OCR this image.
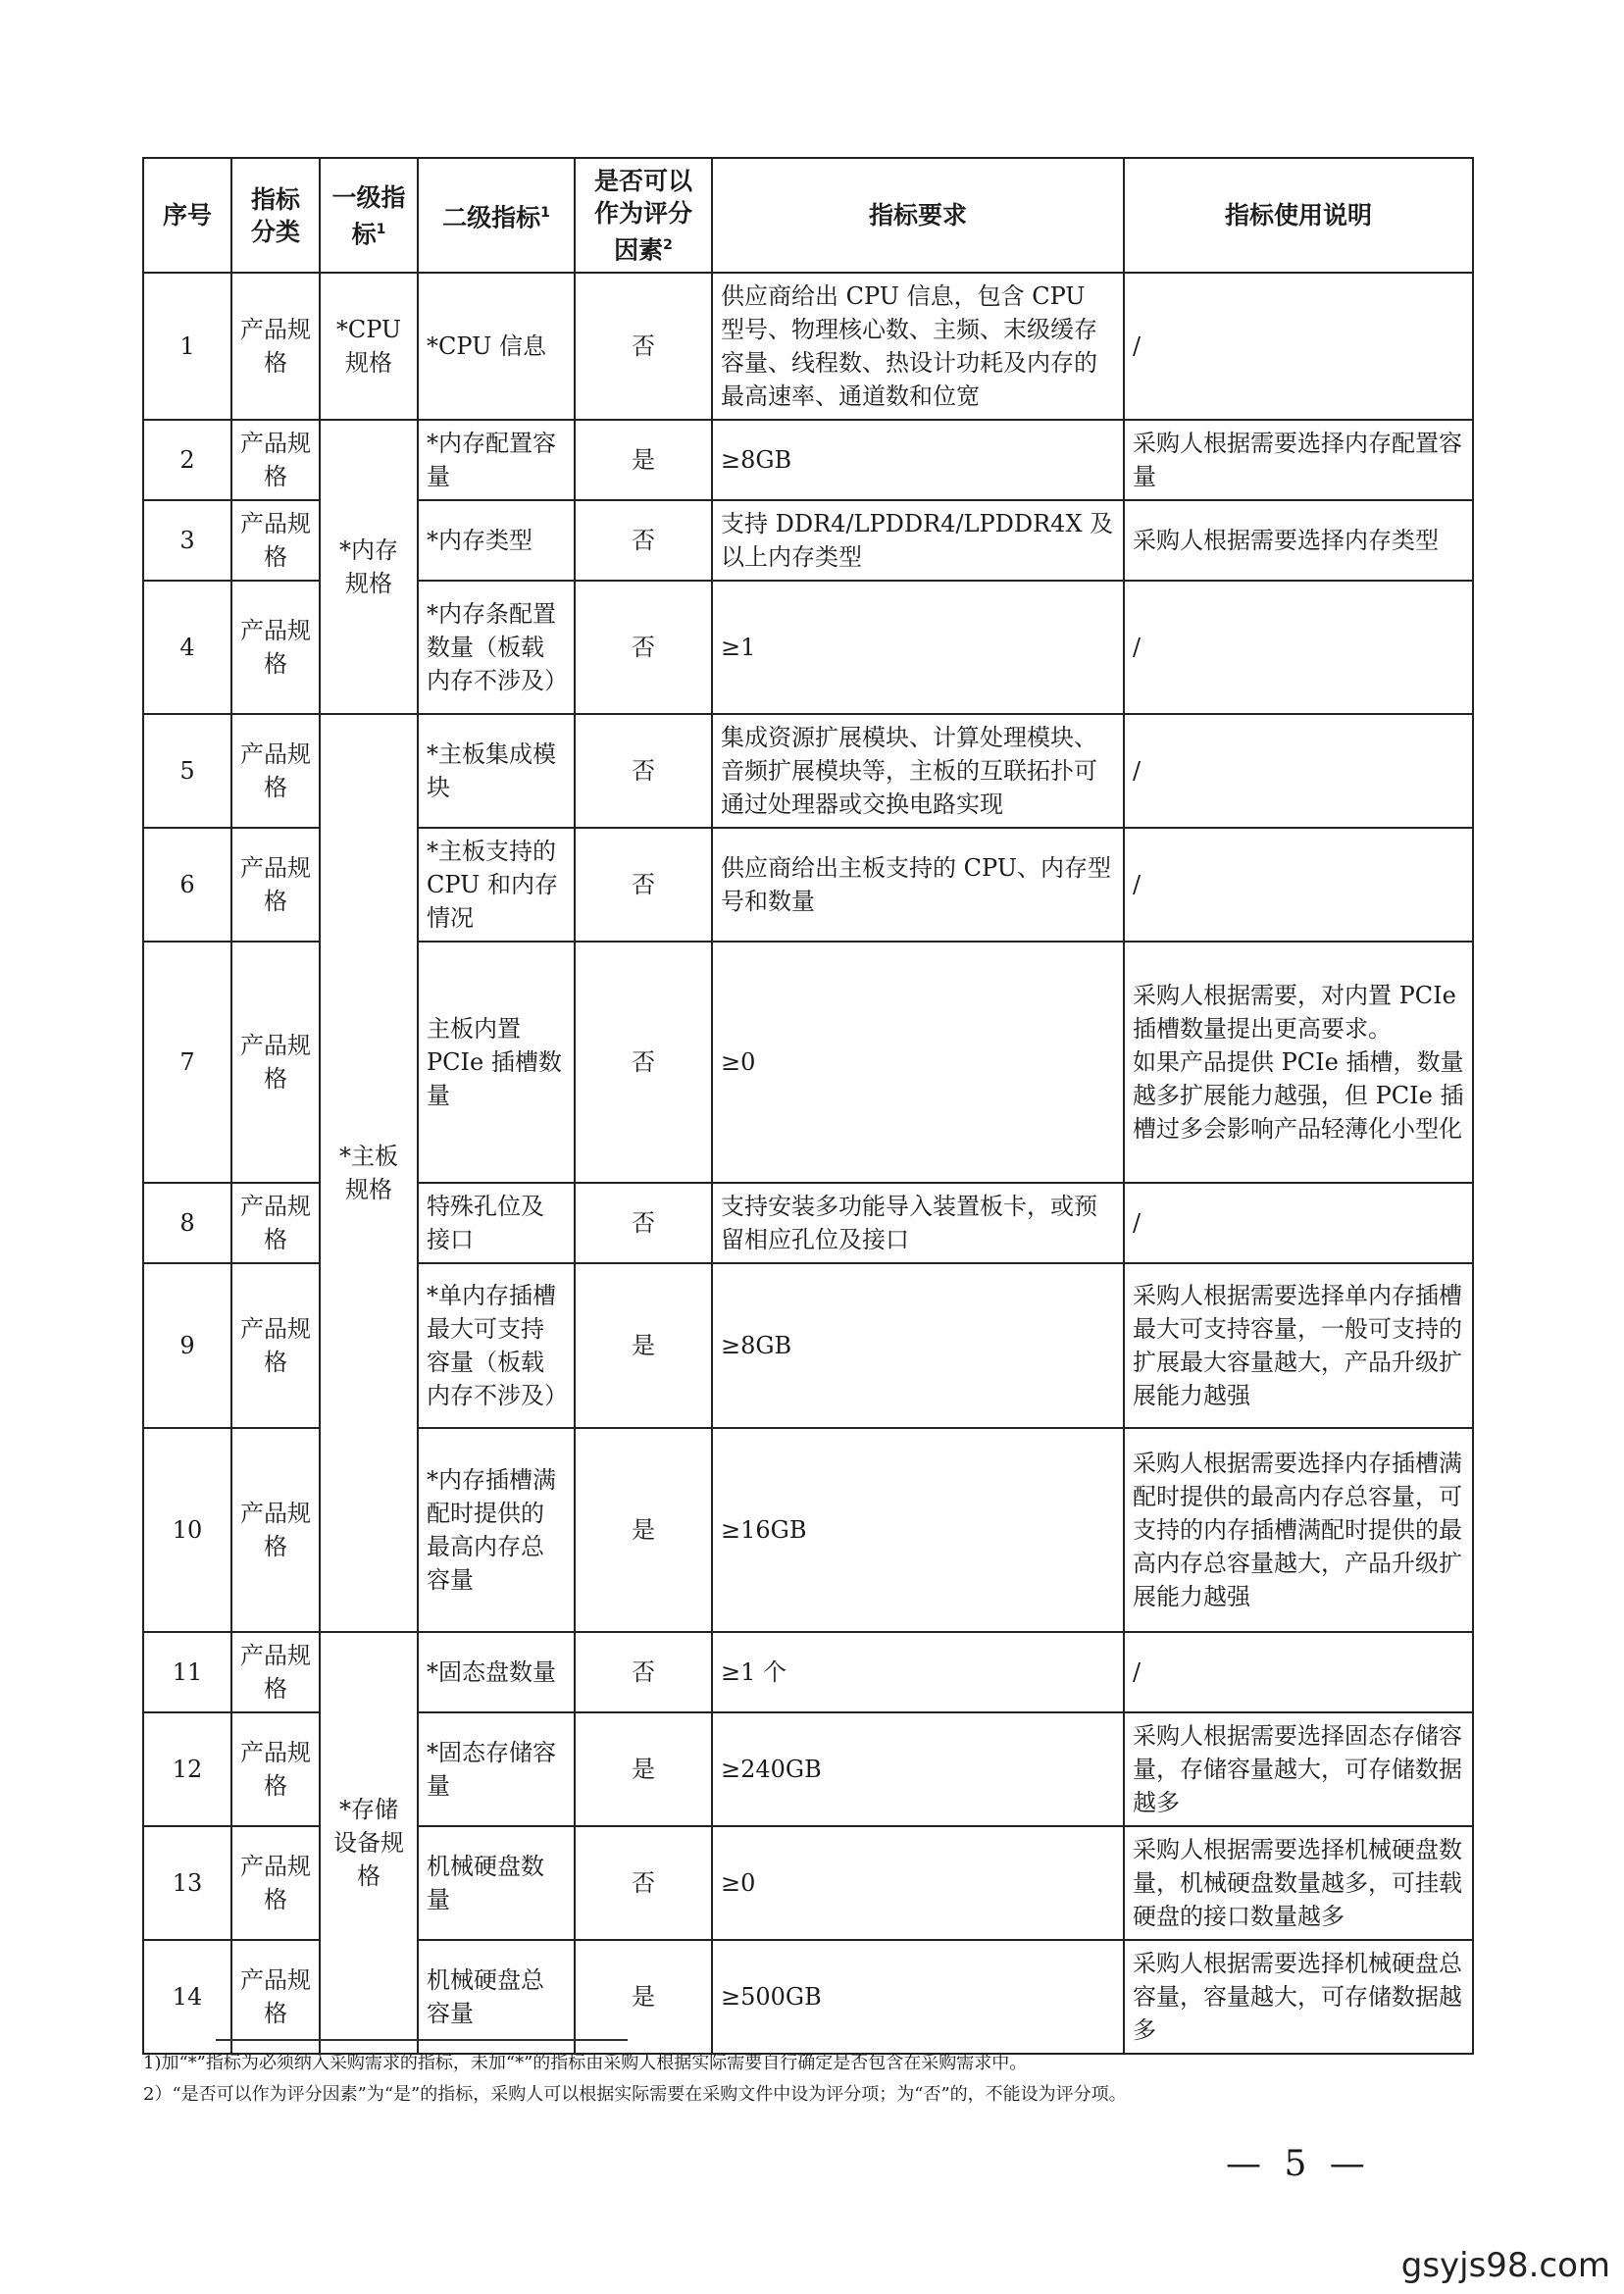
序号	指标分类	一级指标$^1$	二级指标$^1$	是否可以作为评分因素$^2$	指标要求	指标使用说明
1	产品规格	*CPU规格	*CPU 信息	否	供应商给出 CPU 信息，包含 CPU 型号、物理核心数、主频、末级缓存容量、线程数、热设计功耗及内存的最高速率、通道数和位宽	/
2	产品规格	*内存规格	*内存配置容量	是	≥8GB	采购人根据需要选择内存配置容量
3	产品规格		*内存类型	否	支持 DDR4/LPDDR4/LPDDR4X 及以上内存类型	采购人根据需要选择内存类型
4	产品规格		*内存条配置数量（板载内存不涉及）	否	≥1	/
5	产品规格	*主板规格	*主板集成模块	否	集成资源扩展模块、计算处理模块、音频扩展模块等，主板的互联拓扑可通过处理器或交换电路实现	/
6	产品规格		*主板支持的 CPU 和内存情况	否	供应商给出主板支持的 CPU、内存型号和数量	/
7	产品规格		主板内置 PCIe 插槽数量	否	≥0	采购人根据需要，对内置 PCIe 插槽数量提出更高要求。
如果产品提供 PCIe 插槽，数量越多扩展能力越强，但 PCIe 插槽过多会影响产品轻薄化小型化
8	产品规格		特殊孔位及接口	否	支持安装多功能导入装置板卡，或预留相应孔位及接口	/
9	产品规格		*单内存插槽最大可支持容量（板载内存不涉及）	是	≥8GB	采购人根据需要选择单内存插槽最大可支持容量，一般可支持的扩展最大容量越大，产品升级扩展能力越强
10	产品规格		*内存插槽满配时提供的最高内存总容量	是	≥16GB	采购人根据需要选择内存插槽满配时提供的最高内存总容量，可支持的内存插槽满配时提供的最高内存总容量越大，产品升级扩展能力越强
11	产品规格	*存储设备规格	*固态盘数量	否	≥1 个	/
12	产品规格		*固态存储容量	是	≥240GB	采购人根据需要选择固态存储容量，存储容量越大，可存储数据越多
13	产品规格		机械硬盘数量	否	≥0	采购人根据需要选择机械硬盘数量，机械硬盘数量越多，可挂载硬盘的接口数量越多
14	产品规格		机械硬盘总容量	是	≥500GB	采购人根据需要选择机械硬盘总容量，容量越大，可存储数据越多
1)加“*”指标为必须纳入采购需求的指标，未加“*”的指标由采购人根据实际需要自行确定是否包含在采购需求中。
2）“是否可以作为评分因素”为“是”的指标，采购人可以根据实际需要在采购文件中设为评分项；为“否”的，不能设为评分项。
— 5 —
gsyjs98.com
